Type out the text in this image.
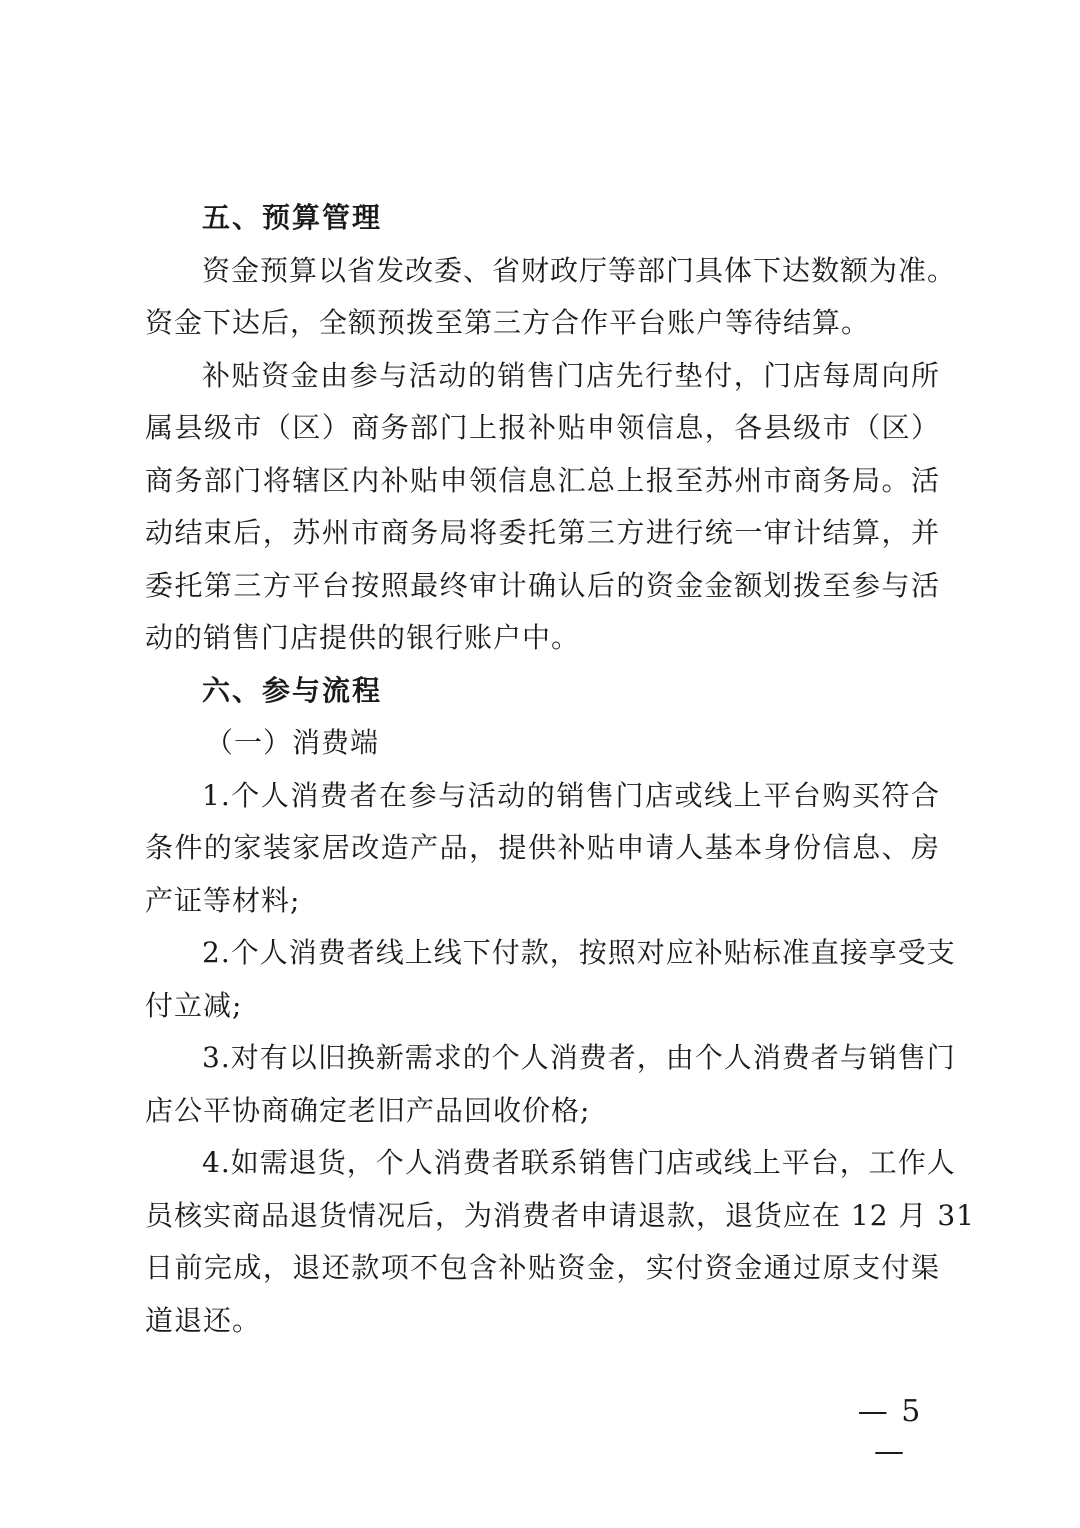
五、预算管理
资金预算以省发改委、省财政厅等部门具体下达数额为准。
资金下达后，全额预拨至第三方合作平台账户等待结算。
补贴资金由参与活动的销售门店先行垫付，门店每周向所
属县级市（区）商务部门上报补贴申领信息，各县级市（区）
商务部门将辖区内补贴申领信息汇总上报至苏州市商务局。活
动结束后，苏州市商务局将委托第三方进行统一审计结算，并
委托第三方平台按照最终审计确认后的资金金额划拨至参与活
动的销售门店提供的银行账户中。
六、参与流程
（一）消费端
1.个人消费者在参与活动的销售门店或线上平台购买符合
条件的家装家居改造产品，提供补贴申请人基本身份信息、房
产证等材料;
2.个人消费者线上线下付款，按照对应补贴标准直接享受支
付立减;
3.对有以旧换新需求的个人消费者，由个人消费者与销售门
店公平协商确定老旧产品回收价格;
4.如需退货，个人消费者联系销售门店或线上平台，工作人
员核实商品退货情况后，为消费者申请退款，退货应在 12 月 31
日前完成，退还款项不包含补贴资金，实付资金通过原支付渠
道退还。
— 5 —
